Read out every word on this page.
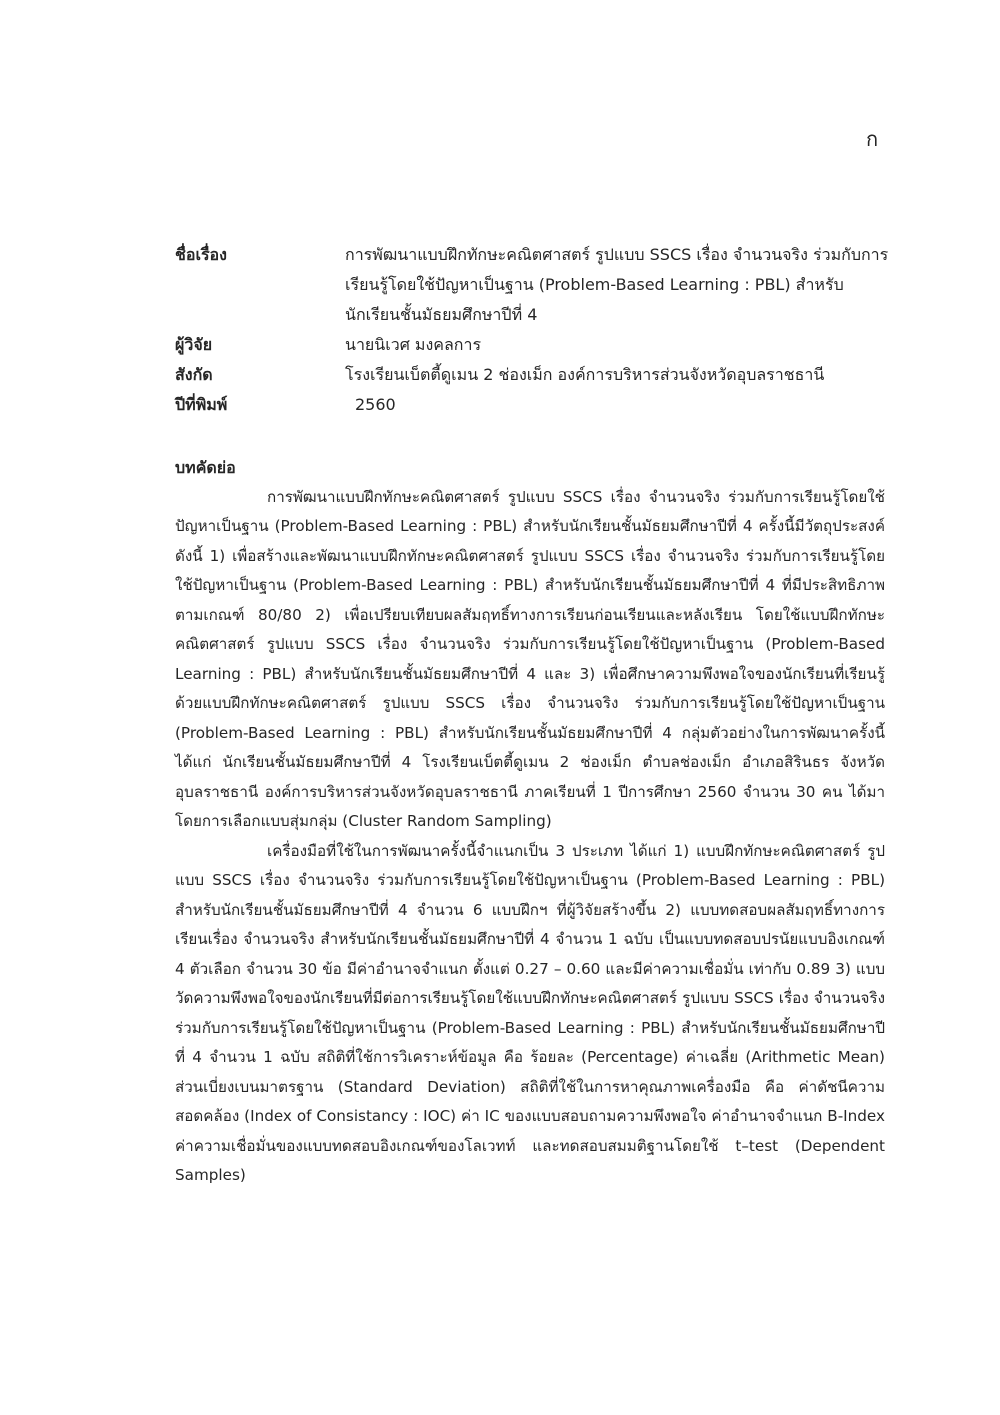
ก
ชื่อเรื่อง	การพัฒนาแบบฝึกทักษะคณิตศาสตร์ รูปแบบ SSCS เรื่อง จำนวนจริง ร่วมกับการเรียนรู้โดยใช้ปัญหาเป็นฐาน (Problem-Based Learning : PBL) สำหรับนักเรียนชั้นมัธยมศึกษาปีที่ 4
ผู้วิจัย	นายนิเวศ มงคลการ
สังกัด	โรงเรียนเบ็ตตี้ดูเมน 2 ช่องเม็ก องค์การบริหารส่วนจังหวัดอุบลราชธานี
ปีที่พิมพ์	2560
บทคัดย่อ

การพัฒนาแบบฝึกทักษะคณิตศาสตร์ รูปแบบ SSCS เรื่อง จำนวนจริง ร่วมกับการเรียนรู้โดยใช้ปัญหาเป็นฐาน (Problem-Based Learning : PBL) สำหรับนักเรียนชั้นมัธยมศึกษาปีที่ 4 ครั้งนี้มีวัตถุประสงค์ดังนี้ 1) เพื่อสร้างและพัฒนาแบบฝึกทักษะคณิตศาสตร์ รูปแบบ SSCS เรื่อง จำนวนจริง ร่วมกับการเรียนรู้โดยใช้ปัญหาเป็นฐาน (Problem-Based Learning : PBL) สำหรับนักเรียนชั้นมัธยมศึกษาปีที่ 4 ที่มีประสิทธิภาพตามเกณฑ์ 80/80 2) เพื่อเปรียบเทียบผลสัมฤทธิ์ทางการเรียนก่อนเรียนและหลังเรียน โดยใช้แบบฝึกทักษะคณิตศาสตร์ รูปแบบ SSCS เรื่อง จำนวนจริง ร่วมกับการเรียนรู้โดยใช้ปัญหาเป็นฐาน (Problem-Based Learning : PBL) สำหรับนักเรียนชั้นมัธยมศึกษาปีที่ 4 และ 3) เพื่อศึกษาความพึงพอใจของนักเรียนที่เรียนรู้ด้วยแบบฝึกทักษะคณิตศาสตร์ รูปแบบ SSCS เรื่อง จำนวนจริง ร่วมกับการเรียนรู้โดยใช้ปัญหาเป็นฐาน (Problem-Based Learning : PBL) สำหรับนักเรียนชั้นมัธยมศึกษาปีที่ 4 กลุ่มตัวอย่างในการพัฒนาครั้งนี้ ได้แก่ นักเรียนชั้นมัธยมศึกษาปีที่ 4 โรงเรียนเบ็ตตี้ดูเมน 2 ช่องเม็ก ตำบลช่องเม็ก อำเภอสิรินธร จังหวัดอุบลราชธานี องค์การบริหารส่วนจังหวัดอุบลราชธานี ภาคเรียนที่ 1 ปีการศึกษา 2560 จำนวน 30 คน ได้มาโดยการเลือกแบบสุ่มกลุ่ม (Cluster Random Sampling)

เครื่องมือที่ใช้ในการพัฒนาครั้งนี้จำแนกเป็น 3 ประเภท ได้แก่ 1) แบบฝึกทักษะคณิตศาสตร์ รูปแบบ SSCS เรื่อง จำนวนจริง ร่วมกับการเรียนรู้โดยใช้ปัญหาเป็นฐาน (Problem-Based Learning : PBL) สำหรับนักเรียนชั้นมัธยมศึกษาปีที่ 4 จำนวน 6 แบบฝึกฯ ที่ผู้วิจัยสร้างขึ้น 2) แบบทดสอบผลสัมฤทธิ์ทางการเรียนเรื่อง จำนวนจริง สำหรับนักเรียนชั้นมัธยมศึกษาปีที่ 4 จำนวน 1 ฉบับ เป็นแบบทดสอบปรนัยแบบอิงเกณฑ์ 4 ตัวเลือก จำนวน 30 ข้อ มีค่าอำนาจจำแนก ตั้งแต่ 0.27 – 0.60 และมีค่าความเชื่อมั่น เท่ากับ 0.89 3) แบบวัดความพึงพอใจของนักเรียนที่มีต่อการเรียนรู้โดยใช้แบบฝึกทักษะคณิตศาสตร์ รูปแบบ SSCS เรื่อง จำนวนจริง ร่วมกับการเรียนรู้โดยใช้ปัญหาเป็นฐาน (Problem-Based Learning : PBL) สำหรับนักเรียนชั้นมัธยมศึกษาปีที่ 4 จำนวน 1 ฉบับ สถิติที่ใช้การวิเคราะห์ข้อมูล คือ ร้อยละ (Percentage) ค่าเฉลี่ย (Arithmetic Mean) ส่วนเบี่ยงเบนมาตรฐาน (Standard Deviation) สถิติที่ใช้ในการหาคุณภาพเครื่องมือ คือ ค่าดัชนีความสอดคล้อง (Index of Consistancy : IOC) ค่า IC ของแบบสอบถามความพึงพอใจ ค่าอำนาจจำแนก B-Index ค่าความเชื่อมั่นของแบบทดสอบอิงเกณฑ์ของโลเวทท์ และทดสอบสมมติฐานโดยใช้ t–test (Dependent Samples)
